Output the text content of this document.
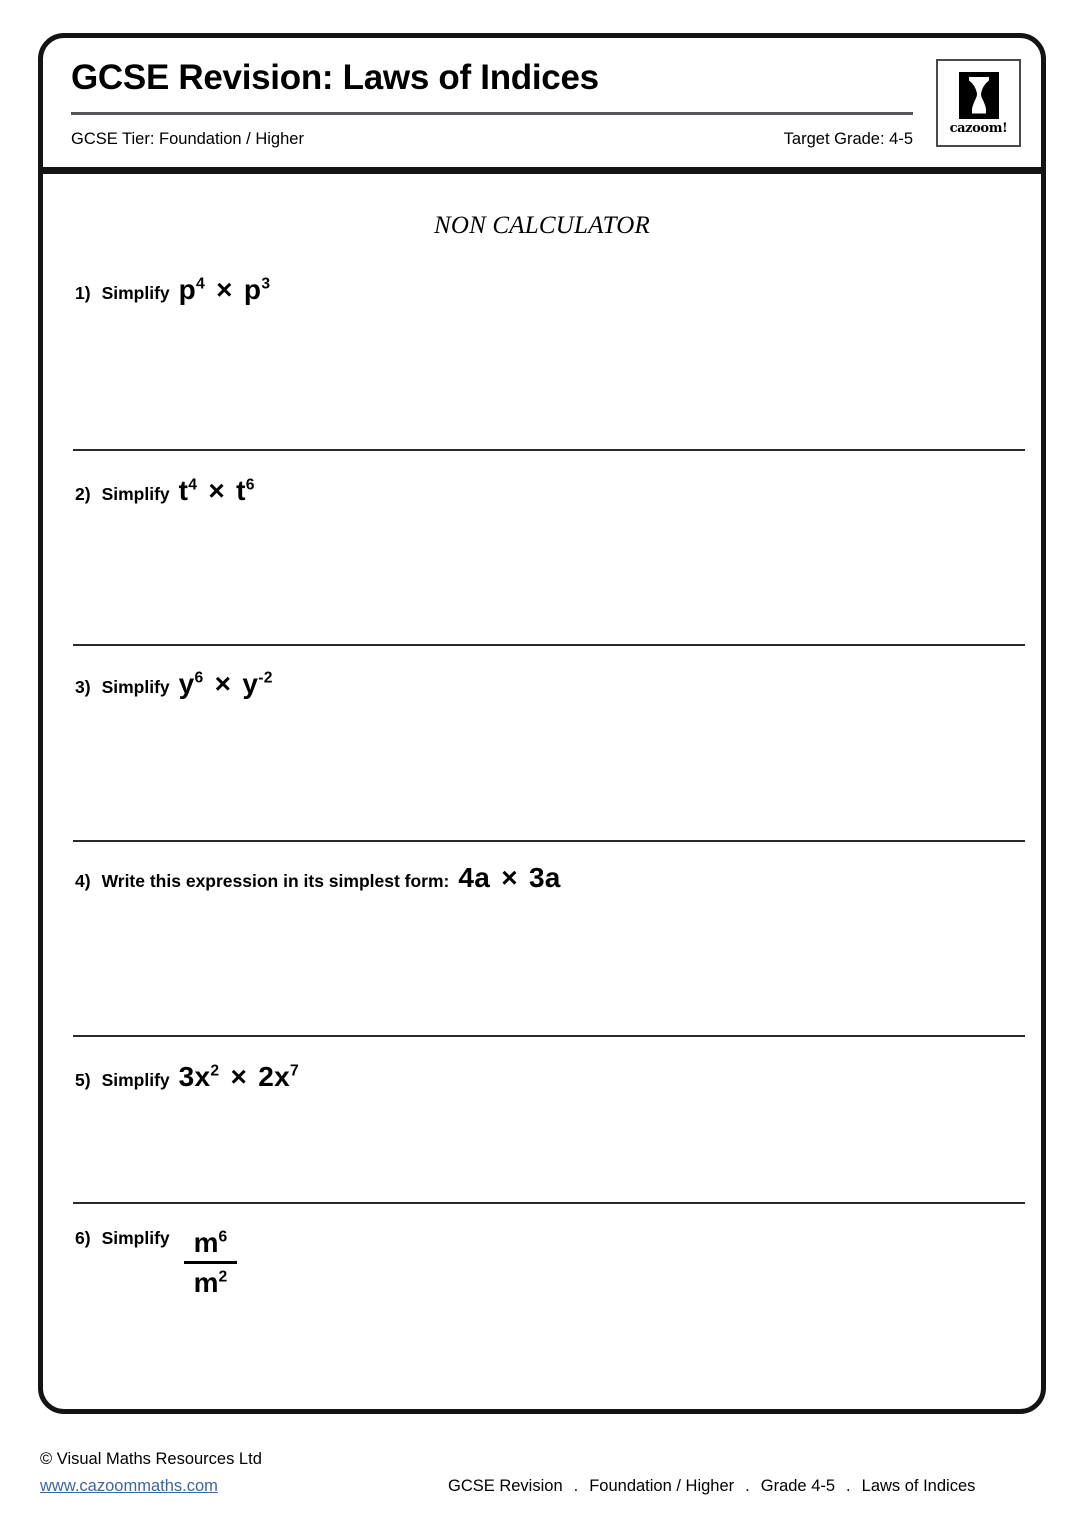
GCSE Revision: Laws of Indices
GCSE Tier: Foundation / Higher	Target Grade: 4-5
cazoom!
NON CALCULATOR
1) Simplify $p^4 \times p^3$
2) Simplify $t^4 \times t^6$
3) Simplify $y^6 \times y^{-2}$
4) Write this expression in its simplest form: 4a × 3a
5) Simplify $3x^2 \times 2x^7$
6) Simplify $\frac{m^6}{m^2}$
© Visual Maths Resources Ltd
www.cazoommaths.com	GCSE Revision . Foundation / Higher . Grade 4-5 . Laws of Indices
